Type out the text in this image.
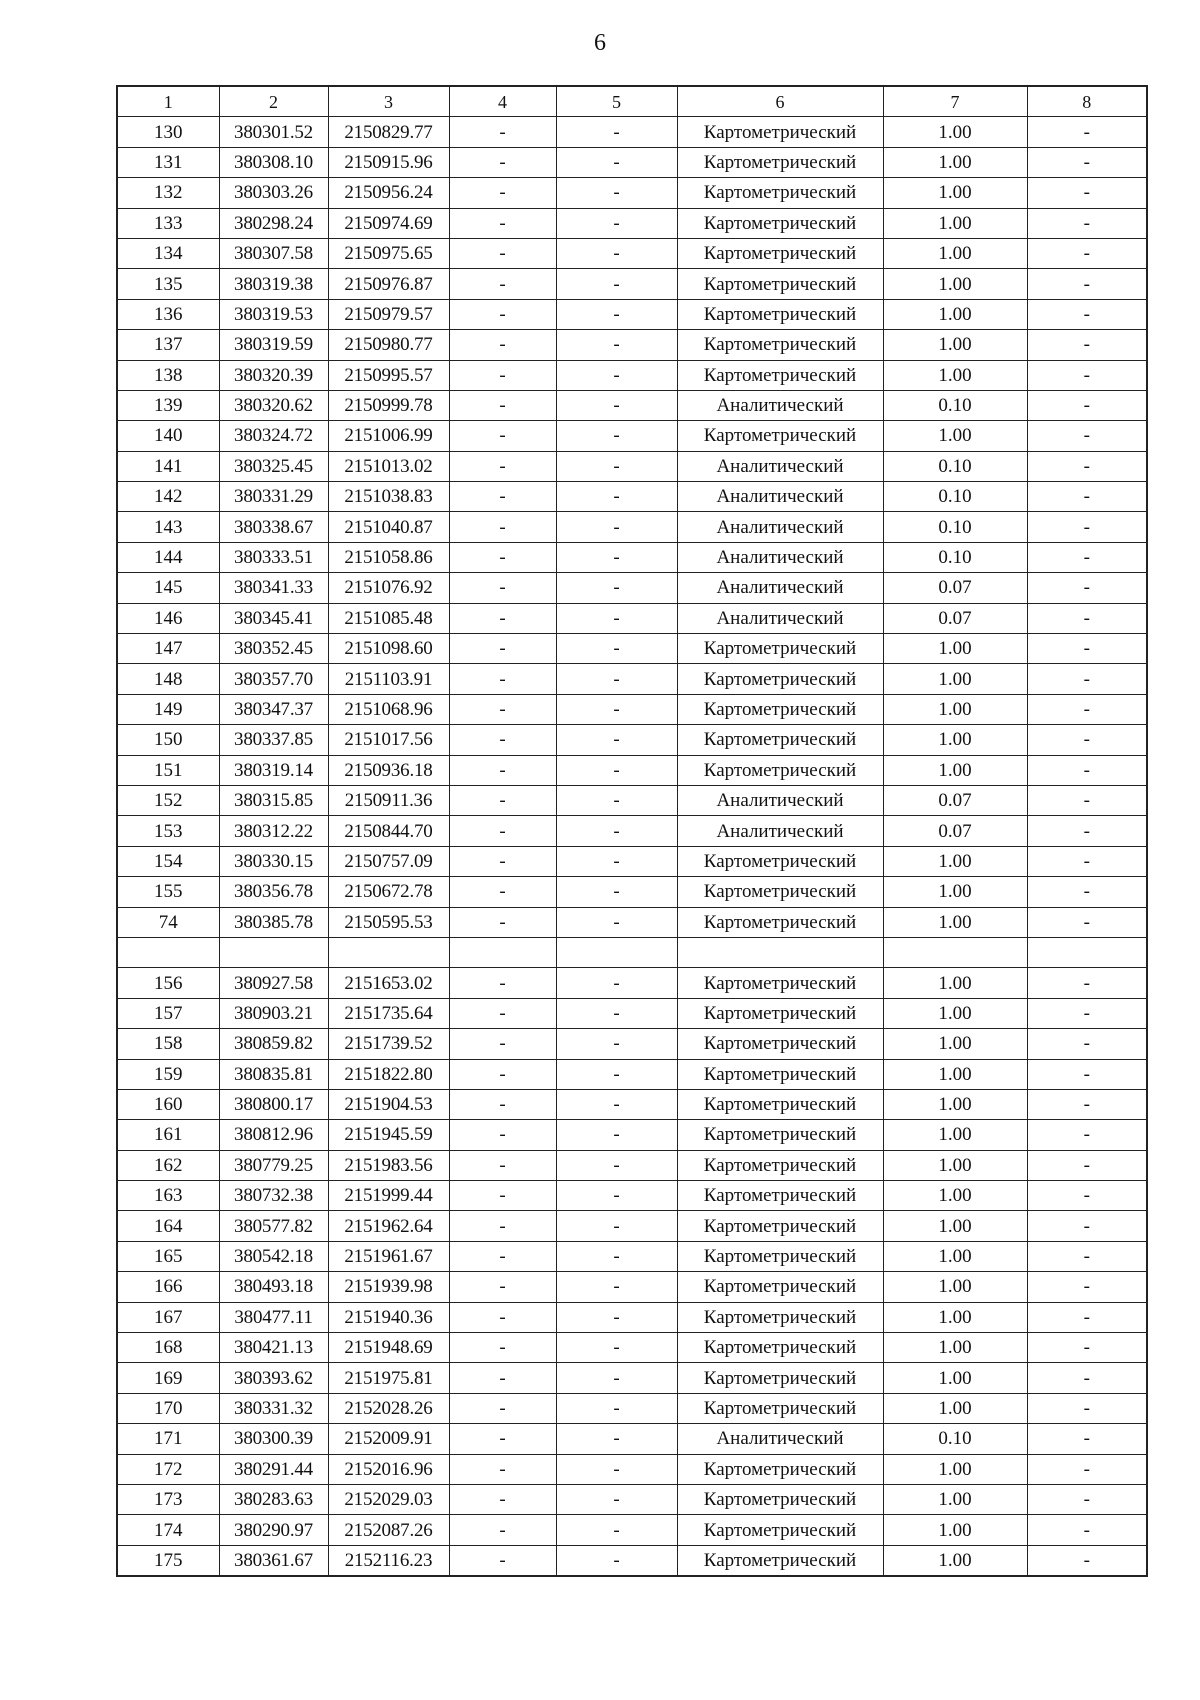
6
1	2	3	4	5	6	7	8
130	380301.52	2150829.77	-	-	Картометрический	1.00	-
131	380308.10	2150915.96	-	-	Картометрический	1.00	-
132	380303.26	2150956.24	-	-	Картометрический	1.00	-
133	380298.24	2150974.69	-	-	Картометрический	1.00	-
134	380307.58	2150975.65	-	-	Картометрический	1.00	-
135	380319.38	2150976.87	-	-	Картометрический	1.00	-
136	380319.53	2150979.57	-	-	Картометрический	1.00	-
137	380319.59	2150980.77	-	-	Картометрический	1.00	-
138	380320.39	2150995.57	-	-	Картометрический	1.00	-
139	380320.62	2150999.78	-	-	Аналитический	0.10	-
140	380324.72	2151006.99	-	-	Картометрический	1.00	-
141	380325.45	2151013.02	-	-	Аналитический	0.10	-
142	380331.29	2151038.83	-	-	Аналитический	0.10	-
143	380338.67	2151040.87	-	-	Аналитический	0.10	-
144	380333.51	2151058.86	-	-	Аналитический	0.10	-
145	380341.33	2151076.92	-	-	Аналитический	0.07	-
146	380345.41	2151085.48	-	-	Аналитический	0.07	-
147	380352.45	2151098.60	-	-	Картометрический	1.00	-
148	380357.70	2151103.91	-	-	Картометрический	1.00	-
149	380347.37	2151068.96	-	-	Картометрический	1.00	-
150	380337.85	2151017.56	-	-	Картометрический	1.00	-
151	380319.14	2150936.18	-	-	Картометрический	1.00	-
152	380315.85	2150911.36	-	-	Аналитический	0.07	-
153	380312.22	2150844.70	-	-	Аналитический	0.07	-
154	380330.15	2150757.09	-	-	Картометрический	1.00	-
155	380356.78	2150672.78	-	-	Картометрический	1.00	-
74	380385.78	2150595.53	-	-	Картометрический	1.00	-

156	380927.58	2151653.02	-	-	Картометрический	1.00	-
157	380903.21	2151735.64	-	-	Картометрический	1.00	-
158	380859.82	2151739.52	-	-	Картометрический	1.00	-
159	380835.81	2151822.80	-	-	Картометрический	1.00	-
160	380800.17	2151904.53	-	-	Картометрический	1.00	-
161	380812.96	2151945.59	-	-	Картометрический	1.00	-
162	380779.25	2151983.56	-	-	Картометрический	1.00	-
163	380732.38	2151999.44	-	-	Картометрический	1.00	-
164	380577.82	2151962.64	-	-	Картометрический	1.00	-
165	380542.18	2151961.67	-	-	Картометрический	1.00	-
166	380493.18	2151939.98	-	-	Картометрический	1.00	-
167	380477.11	2151940.36	-	-	Картометрический	1.00	-
168	380421.13	2151948.69	-	-	Картометрический	1.00	-
169	380393.62	2151975.81	-	-	Картометрический	1.00	-
170	380331.32	2152028.26	-	-	Картометрический	1.00	-
171	380300.39	2152009.91	-	-	Аналитический	0.10	-
172	380291.44	2152016.96	-	-	Картометрический	1.00	-
173	380283.63	2152029.03	-	-	Картометрический	1.00	-
174	380290.97	2152087.26	-	-	Картометрический	1.00	-
175	380361.67	2152116.23	-	-	Картометрический	1.00	-
